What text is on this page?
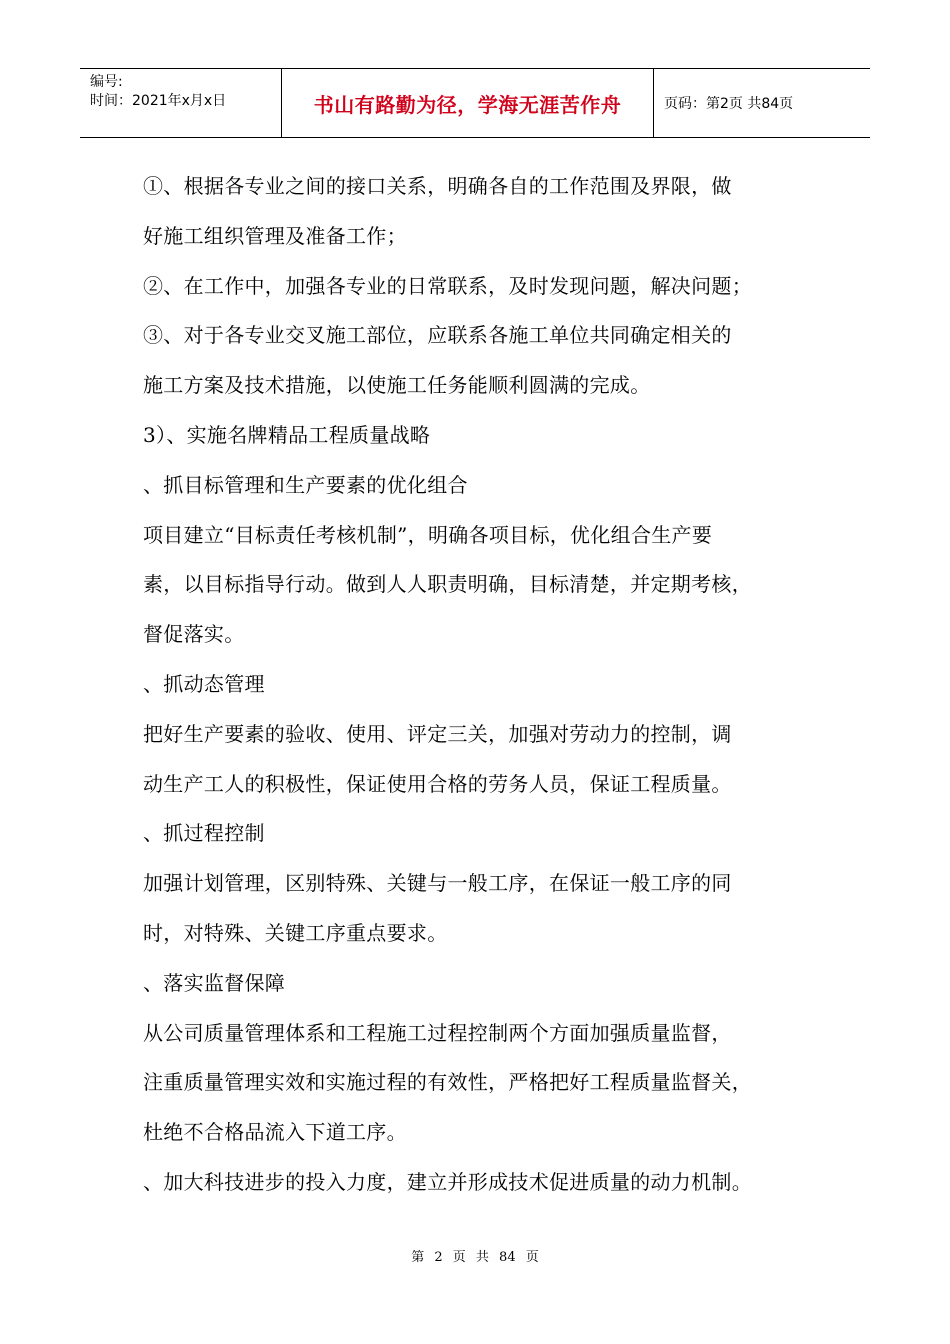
编号:
时间：2021年x月x日	书山有路勤为径，学海无涯苦作舟	页码：第2页 共84页

①、根据各专业之间的接口关系，明确各自的工作范围及界限，做

好施工组织管理及准备工作；

②、在工作中，加强各专业的日常联系，及时发现问题，解决问题；

③、对于各专业交叉施工部位，应联系各施工单位共同确定相关的

施工方案及技术措施，以使施工任务能顺利圆满的完成。

3）、实施名牌精品工程质量战略

、抓目标管理和生产要素的优化组合

项目建立“目标责任考核机制”，明确各项目标，优化组合生产要

素，以目标指导行动。做到人人职责明确，目标清楚，并定期考核，

督促落实。

、抓动态管理

把好生产要素的验收、使用、评定三关，加强对劳动力的控制，调

动生产工人的积极性，保证使用合格的劳务人员，保证工程质量。

、抓过程控制

加强计划管理，区别特殊、关键与一般工序，在保证一般工序的同

时，对特殊、关键工序重点要求。

、落实监督保障

从公司质量管理体系和工程施工过程控制两个方面加强质量监督，

注重质量管理实效和实施过程的有效性，严格把好工程质量监督关，

杜绝不合格品流入下道工序。

、加大科技进步的投入力度，建立并形成技术促进质量的动力机制。

第 2 页 共 84 页
